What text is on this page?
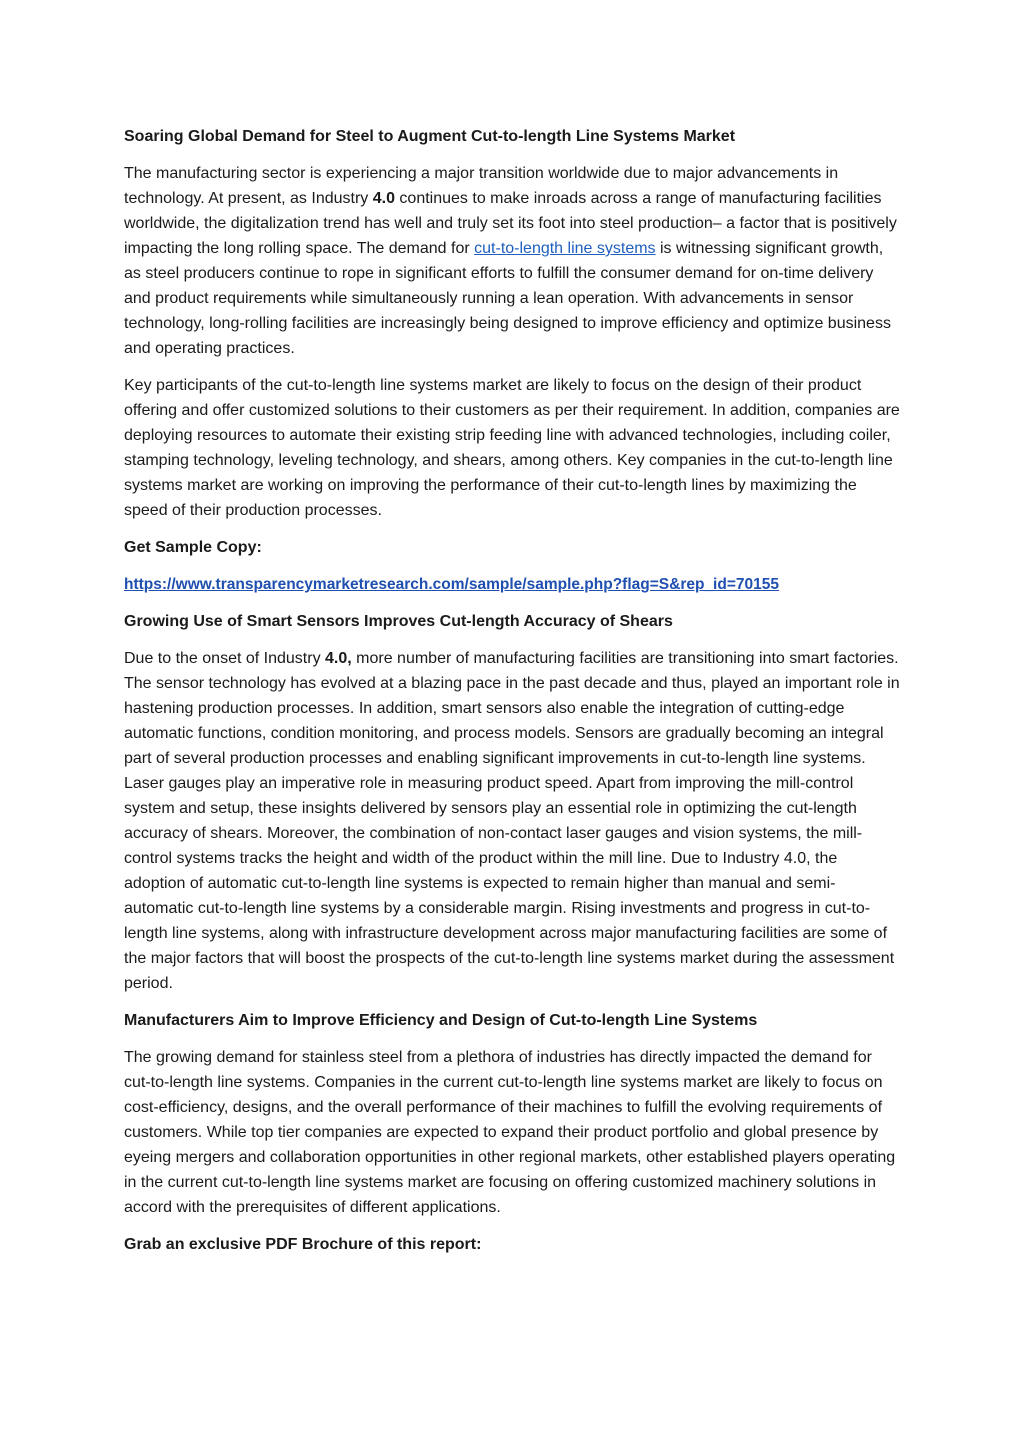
Soaring Global Demand for Steel to Augment Cut-to-length Line Systems Market

The manufacturing sector is experiencing a major transition worldwide due to major advancements in technology. At present, as Industry 4.0 continues to make inroads across a range of manufacturing facilities worldwide, the digitalization trend has well and truly set its foot into steel production– a factor that is positively impacting the long rolling space. The demand for cut-to-length line systems is witnessing significant growth, as steel producers continue to rope in significant efforts to fulfill the consumer demand for on-time delivery and product requirements while simultaneously running a lean operation. With advancements in sensor technology, long-rolling facilities are increasingly being designed to improve efficiency and optimize business and operating practices.

Key participants of the cut-to-length line systems market are likely to focus on the design of their product offering and offer customized solutions to their customers as per their requirement. In addition, companies are deploying resources to automate their existing strip feeding line with advanced technologies, including coiler, stamping technology, leveling technology, and shears, among others. Key companies in the cut-to-length line systems market are working on improving the performance of their cut-to-length lines by maximizing the speed of their production processes.

Get Sample Copy:
https://www.transparencymarketresearch.com/sample/sample.php?flag=S&rep_id=70155
Growing Use of Smart Sensors Improves Cut-length Accuracy of Shears

Due to the onset of Industry 4.0, more number of manufacturing facilities are transitioning into smart factories. The sensor technology has evolved at a blazing pace in the past decade and thus, played an important role in hastening production processes. In addition, smart sensors also enable the integration of cutting-edge automatic functions, condition monitoring, and process models. Sensors are gradually becoming an integral part of several production processes and enabling significant improvements in cut-to-length line systems. Laser gauges play an imperative role in measuring product speed. Apart from improving the mill-control system and setup, these insights delivered by sensors play an essential role in optimizing the cut-length accuracy of shears. Moreover, the combination of non-contact laser gauges and vision systems, the mill-control systems tracks the height and width of the product within the mill line. Due to Industry 4.0, the adoption of automatic cut-to-length line systems is expected to remain higher than manual and semi-automatic cut-to-length line systems by a considerable margin. Rising investments and progress in cut-to-length line systems, along with infrastructure development across major manufacturing facilities are some of the major factors that will boost the prospects of the cut-to-length line systems market during the assessment period.

Manufacturers Aim to Improve Efficiency and Design of Cut-to-length Line Systems

The growing demand for stainless steel from a plethora of industries has directly impacted the demand for cut-to-length line systems. Companies in the current cut-to-length line systems market are likely to focus on cost-efficiency, designs, and the overall performance of their machines to fulfill the evolving requirements of customers. While top tier companies are expected to expand their product portfolio and global presence by eyeing mergers and collaboration opportunities in other regional markets, other established players operating in the current cut-to-length line systems market are focusing on offering customized machinery solutions in accord with the prerequisites of different applications.

Grab an exclusive PDF Brochure of this report:
